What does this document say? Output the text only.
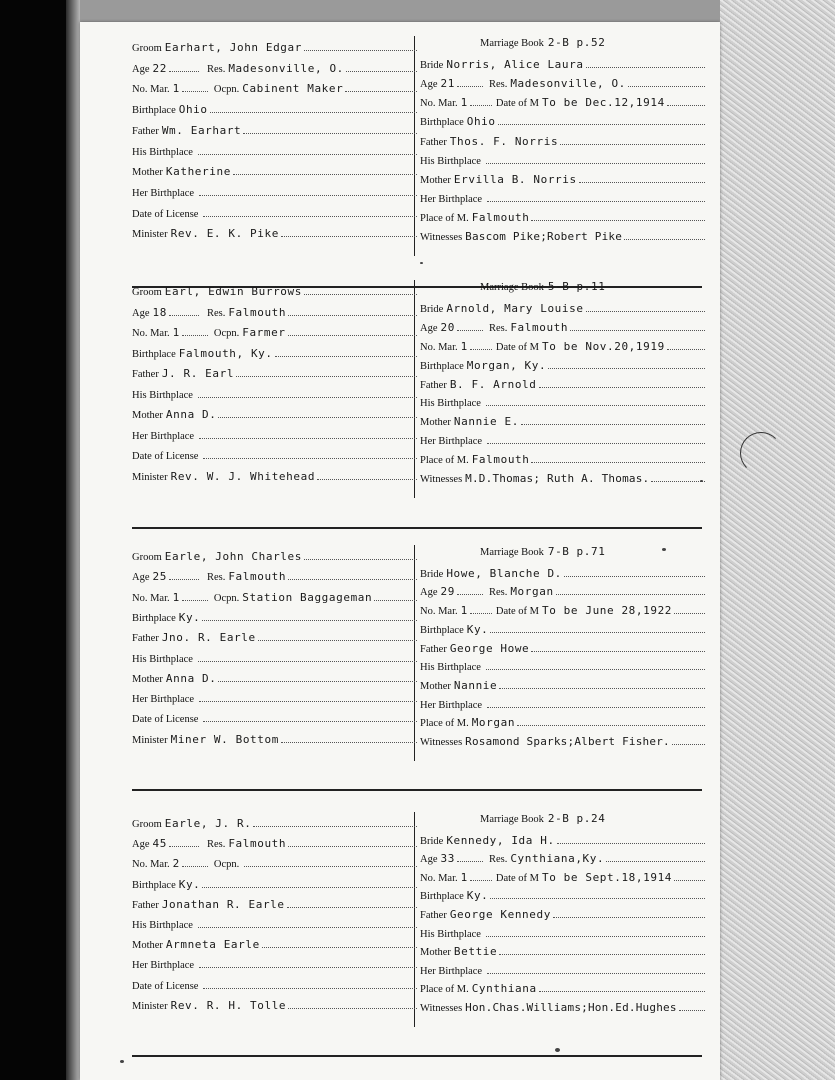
Groom Earhart, John Edgar
Age 22	Res. Madesonville, O.
No. Mar. 1	Ocpn. Cabinent Maker
Birthplace Ohio
Father Wm. Earhart
His Birthplace
Mother Katherine
Her Birthplace
Date of License
Minister Rev. E. K. Pike
Marriage Book 2-B p.52
Bride Norris, Alice Laura
Age 21	Res. Madesonville, O.
No. Mar. 1	Date of M To be Dec.12,1914
Birthplace Ohio
Father Thos. F. Norris
His Birthplace
Mother Ervilla B. Norris
Her Birthplace
Place of M. Falmouth
Witnesses Bascom Pike;Robert Pike
Groom Earl, Edwin Burrows
Age 18	Res. Falmouth
No. Mar. 1	Ocpn. Farmer
Birthplace Falmouth, Ky.
Father J. R. Earl
His Birthplace
Mother Anna D.
Her Birthplace
Date of License
Minister Rev. W. J. Whitehead
Marriage Book 5-B p.11
Bride Arnold, Mary Louise
Age 20	Res. Falmouth
No. Mar. 1	Date of M To be Nov.20,1919
Birthplace Morgan, Ky.
Father B. F. Arnold
His Birthplace
Mother Nannie E.
Her Birthplace
Place of M. Falmouth
Witnesses M.D.Thomas; Ruth A. Thomas.
Groom Earle, John Charles
Age 25	Res. Falmouth
No. Mar. 1	Ocpn. Station Baggageman
Birthplace Ky.
Father Jno. R. Earle
His Birthplace
Mother Anna D.
Her Birthplace
Date of License
Minister Miner W. Bottom
Marriage Book 7-B p.71
Bride Howe, Blanche D.
Age 29	Res. Morgan
No. Mar. 1	Date of M To be June 28,1922
Birthplace Ky.
Father George Howe
His Birthplace
Mother Nannie
Her Birthplace
Place of M. Morgan
Witnesses Rosamond Sparks;Albert Fisher.
Groom Earle, J. R.
Age 45	Res. Falmouth
No. Mar. 2	Ocpn.
Birthplace Ky.
Father Jonathan R. Earle
His Birthplace
Mother Armneta Earle
Her Birthplace
Date of License
Minister Rev. R. H. Tolle
Marriage Book 2-B p.24
Bride Kennedy, Ida H.
Age 33	Res. Cynthiana,Ky.
No. Mar. 1	Date of M To be Sept.18,1914
Birthplace Ky.
Father George Kennedy
His Birthplace
Mother Bettie
Her Birthplace
Place of M. Cynthiana
Witnesses Hon.Chas.Williams;Hon.Ed.Hughes
